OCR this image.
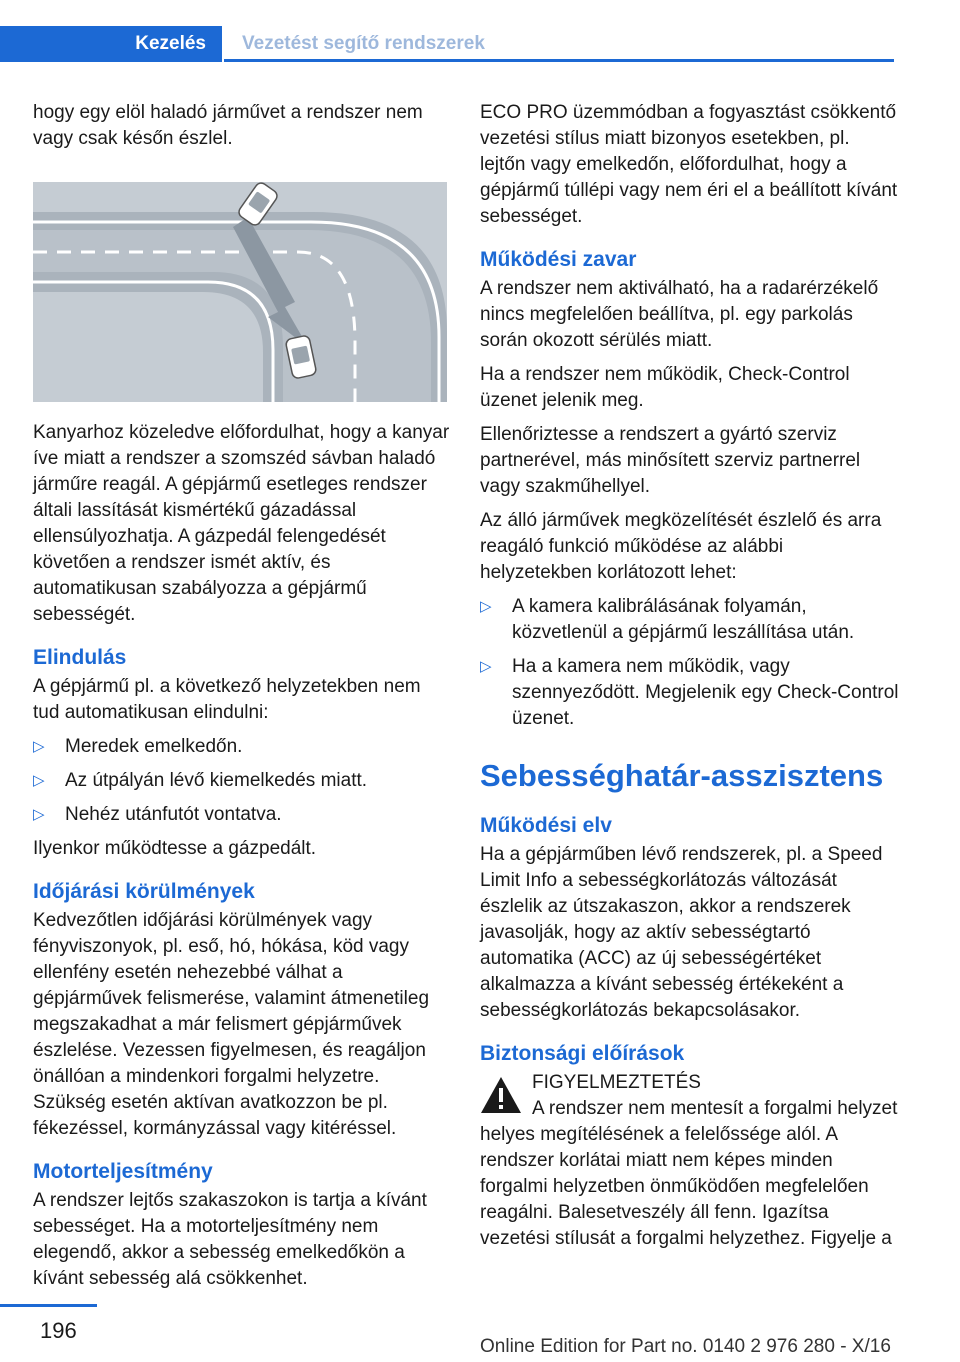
Kezelés	Vezetést segítő rendszerek

hogy egy elöl haladó járművet a rendszer nem vagy csak későn észlel.

Kanyarhoz közeledve előfordulhat, hogy a kanyar íve miatt a rendszer a szomszéd sávban haladó járműre reagál. A gépjármű esetleges rendszer általi lassítását kismértékű gázadással ellensúlyozhatja. A gázpedál felengedését követően a rendszer ismét aktív, és automatikusan szabályozza a gépjármű sebességét.

Elindulás

A gépjármű pl. a következő helyzetekben nem tud automatikusan elindulni:

▷ Meredek emelkedőn.
▷ Az útpályán lévő kiemelkedés miatt.
▷ Nehéz utánfutót vontatva.

Ilyenkor működtesse a gázpedált.

Időjárási körülmények

Kedvezőtlen időjárási körülmények vagy fényviszonyok, pl. eső, hó, hókása, köd vagy ellenfény esetén nehezebbé válhat a gépjárművek felismerése, valamint átmenetileg megszakadhat a már felismert gépjárművek észlelése. Vezessen figyelmesen, és reagáljon önállóan a mindenkori forgalmi helyzetre. Szükség esetén aktívan avatkozzon be pl. fékezéssel, kormányzással vagy kitéréssel.

Motorteljesítmény

A rendszer lejtős szakaszokon is tartja a kívánt sebességet. Ha a motorteljesítmény nem elegendő, akkor a sebesség emelkedőkön a kívánt sebesség alá csökkenhet.

ECO PRO üzemmódban a fogyasztást csökkentő vezetési stílus miatt bizonyos esetekben, pl. lejtőn vagy emelkedőn, előfordulhat, hogy a gépjármű túllépi vagy nem éri el a beállított kívánt sebességet.

Működési zavar

A rendszer nem aktiválható, ha a radarérzékelő nincs megfelelően beállítva, pl. egy parkolás során okozott sérülés miatt.

Ha a rendszer nem működik, Check-Control üzenet jelenik meg.

Ellenőriztesse a rendszert a gyártó szerviz partnerével, más minősített szerviz partnerrel vagy szakműhellyel.

Az álló járművek megközelítését észlelő és arra reagáló funkció működése az alábbi helyzetekben korlátozott lehet:

▷ A kamera kalibrálásának folyamán, közvetlenül a gépjármű leszállítása után.
▷ Ha a kamera nem működik, vagy szennyeződött. Megjelenik egy Check-Control üzenet.
Sebességhatár-asszisztens
Működési elv

Ha a gépjárműben lévő rendszerek, pl. a Speed Limit Info a sebességkorlátozás változását észlelik az útszakaszon, akkor a rendszerek javasolják, hogy az aktív sebességtartó automatika (ACC) az új sebességértéket alkalmazza a kívánt sebesség értékeként a sebességkorlátozás bekapcsolásakor.

Biztonsági előírások
FIGYELMEZTETÉS

A rendszer nem mentesít a forgalmi helyzet helyes megítélésének a felelőssége alól. A rendszer korlátai miatt nem képes minden forgalmi helyzetben önműködően megfelelően reagálni. Balesetveszély áll fenn. Igazítsa vezetési stílusát a forgalmi helyzethez. Figyelje a

196
Online Edition for Part no. 0140 2 976 280 - X/16
